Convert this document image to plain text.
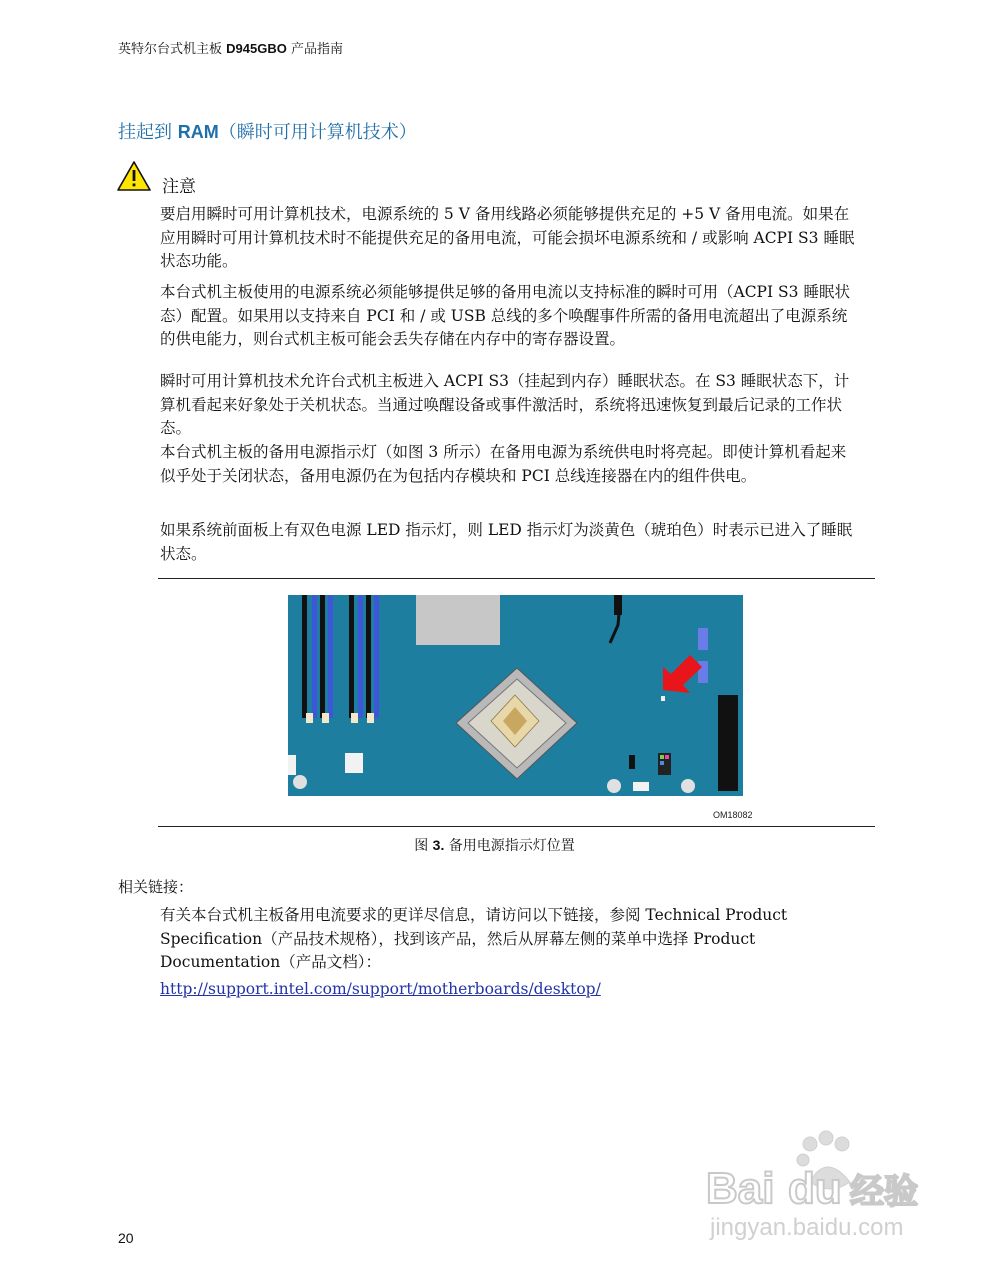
英特尔台式机主板 D945GBO 产品指南
挂起到 RAM（瞬时可用计算机技术）
注意
要启用瞬时可用计算机技术，电源系统的 5 V 备用线路必须能够提供充足的 +5 V 备用电流。如果在应用瞬时可用计算机技术时不能提供充足的备用电流，可能会损坏电源系统和 / 或影响 ACPI S3 睡眠状态功能。
本台式机主板使用的电源系统必须能够提供足够的备用电流以支持标准的瞬时可用（ACPI S3 睡眠状态）配置。如果用以支持来自 PCI 和 / 或 USB 总线的多个唤醒事件所需的备用电流超出了电源系统的供电能力，则台式机主板可能会丢失存储在内存中的寄存器设置。
瞬时可用计算机技术允许台式机主板进入 ACPI S3（挂起到内存）睡眠状态。在 S3 睡眠状态下，计算机看起来好象处于关机状态。当通过唤醒设备或事件激活时，系统将迅速恢复到最后记录的工作状态。
本台式机主板的备用电源指示灯（如图 3 所示）在备用电源为系统供电时将亮起。即使计算机看起来似乎处于关闭状态，备用电源仍在为包括内存模块和 PCI 总线连接器在内的组件供电。
如果系统前面板上有双色电源 LED 指示灯，则 LED 指示灯为淡黄色（琥珀色）时表示已进入了睡眠状态。
OM18082
图 3. 备用电源指示灯位置
相关链接：
有关本台式机主板备用电流要求的更详尽信息，请访问以下链接，参阅 Technical Product Specification（产品技术规格），找到该产品，然后从屏幕左侧的菜单中选择 Product Documentation（产品文档）：
http://support.intel.com/support/motherboards/desktop/
20
Bai du 经验
jingyan.baidu.com
